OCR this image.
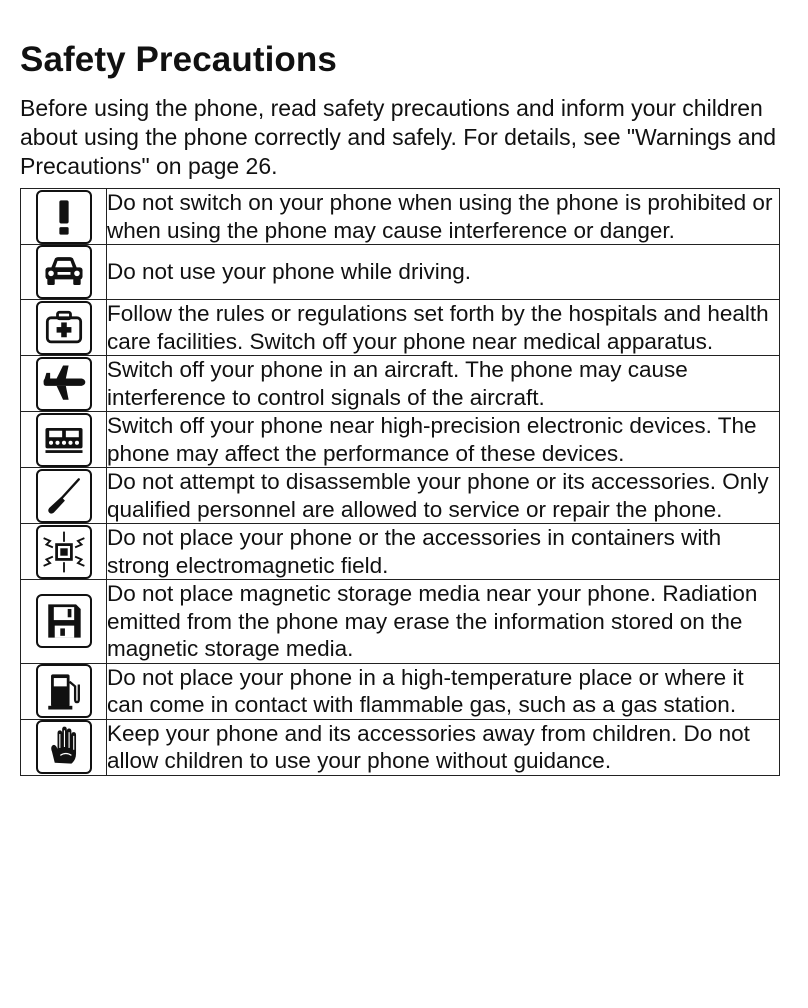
Safety Precautions

Before using the phone, read safety precautions and inform your children about using the phone correctly and safely. For details, see "Warnings and Precautions" on page 26.

	Do not switch on your phone when using the phone is prohibited or when using the phone may cause interference or danger.

	Do not use your phone while driving.

	Follow the rules or regulations set forth by the hospitals and health care facilities. Switch off your phone near medical apparatus.

	Switch off your phone in an aircraft. The phone may cause interference to control signals of the aircraft.

	Switch off your phone near high-precision electronic devices. The phone may affect the performance of these devices.

	Do not attempt to disassemble your phone or its accessories. Only qualified personnel are allowed to service or repair the phone.

	Do not place your phone or the accessories in containers with strong electromagnetic field.

	Do not place magnetic storage media near your phone. Radiation emitted from the phone may erase the information stored on the magnetic storage media.

	Do not place your phone in a high-temperature place or where it can come in contact with flammable gas, such as a gas station.

	Keep your phone and its accessories away from children. Do not allow children to use your phone without guidance.
